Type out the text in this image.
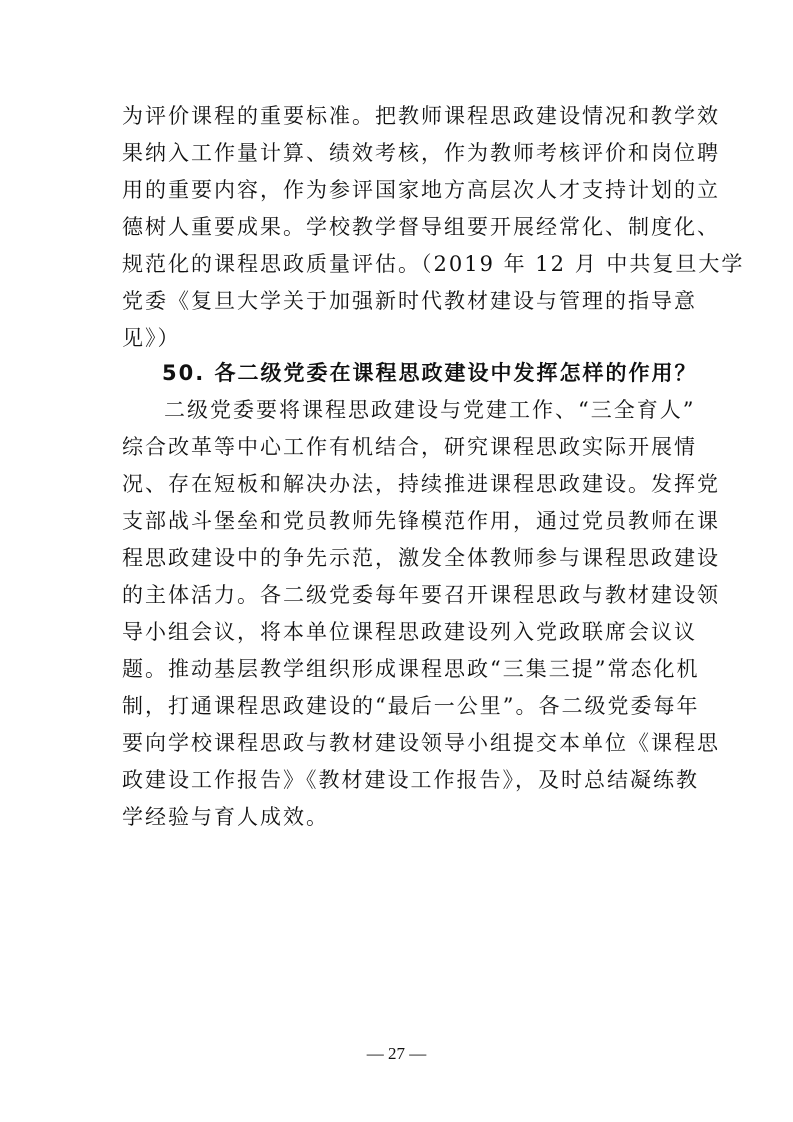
为评价课程的重要标准。把教师课程思政建设情况和教学效
果纳入工作量计算、绩效考核，作为教师考核评价和岗位聘
用的重要内容，作为参评国家地方高层次人才支持计划的立
德树人重要成果。学校教学督导组要开展经常化、制度化、
规范化的课程思政质量评估。（2019 年 12 月 中共复旦大学
党委《复旦大学关于加强新时代教材建设与管理的指导意
见》）
50. 各二级党委在课程思政建设中发挥怎样的作用？
二级党委要将课程思政建设与党建工作、“三全育人”
综合改革等中心工作有机结合，研究课程思政实际开展情
况、存在短板和解决办法，持续推进课程思政建设。发挥党
支部战斗堡垒和党员教师先锋模范作用，通过党员教师在课
程思政建设中的争先示范，激发全体教师参与课程思政建设
的主体活力。各二级党委每年要召开课程思政与教材建设领
导小组会议，将本单位课程思政建设列入党政联席会议议
题。推动基层教学组织形成课程思政“三集三提”常态化机
制，打通课程思政建设的“最后一公里”。各二级党委每年
要向学校课程思政与教材建设领导小组提交本单位《课程思
政建设工作报告》《教材建设工作报告》，及时总结凝练教
学经验与育人成效。
— 27 —
